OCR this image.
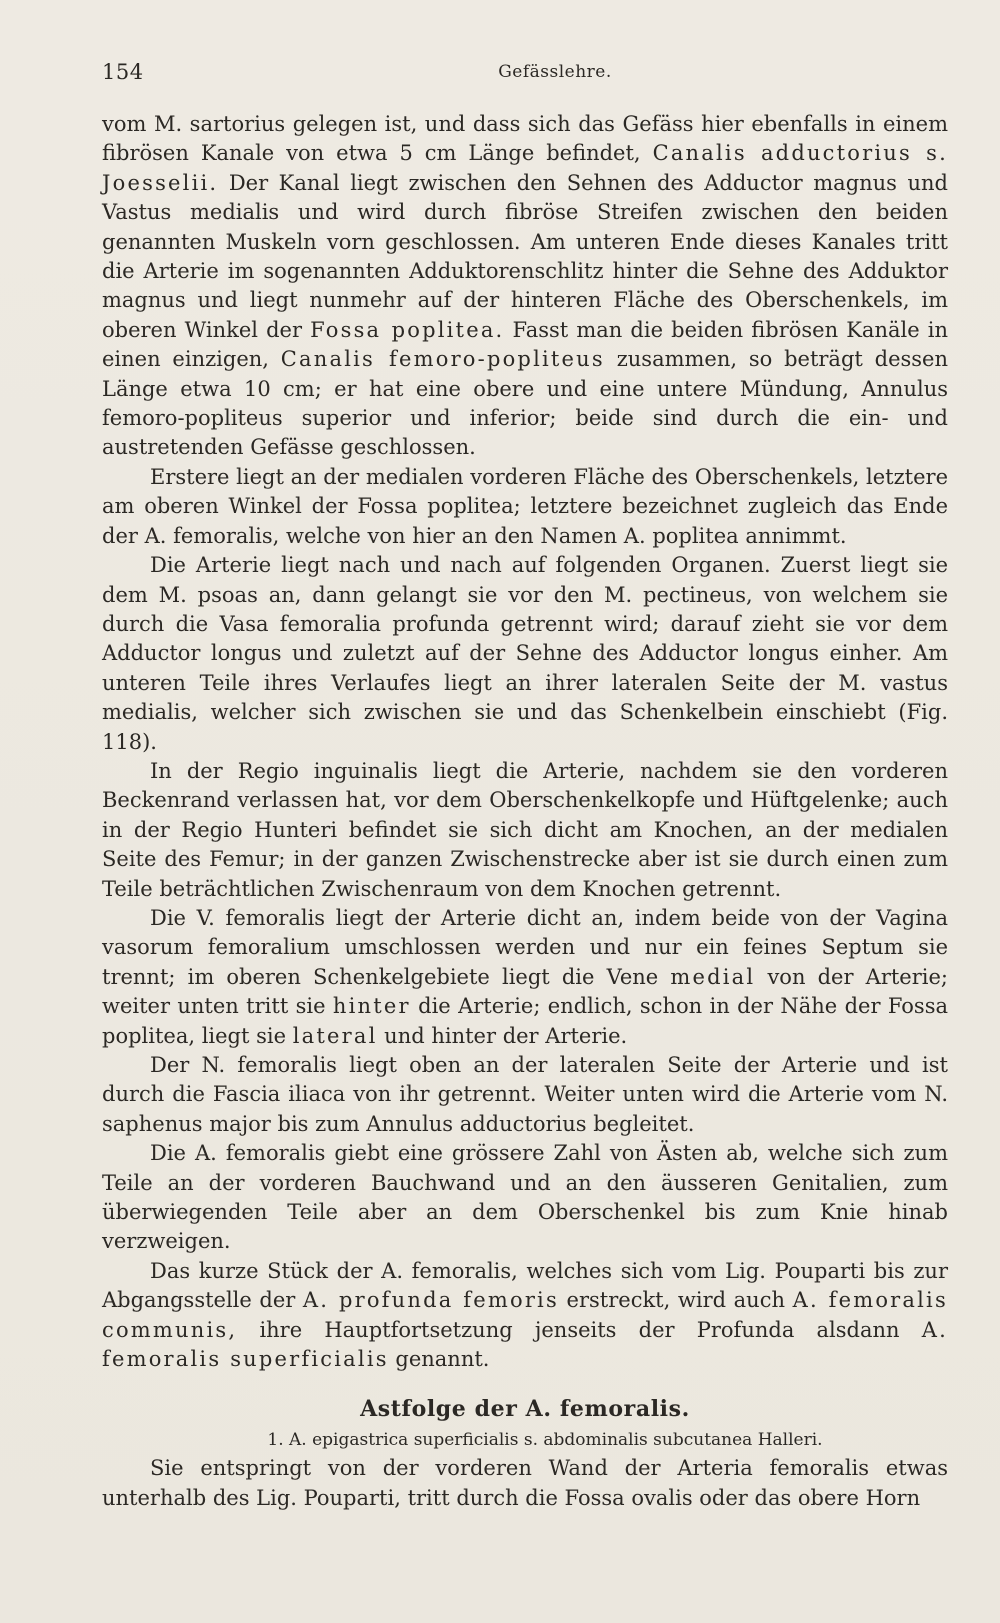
154	Gefässlehre.

vom M. sartorius gelegen ist, und dass sich das Gefäss hier ebenfalls in einem fibrösen Kanale von etwa 5 cm Länge befindet, Canalis adductorius s. Joesselii. Der Kanal liegt zwischen den Sehnen des Adductor magnus und Vastus medialis und wird durch fibröse Streifen zwischen den beiden genannten Muskeln vorn geschlossen. Am unteren Ende dieses Kanales tritt die Arterie im sogenannten Adduktorenschlitz hinter die Sehne des Adduktor magnus und liegt nunmehr auf der hinteren Fläche des Oberschenkels, im oberen Winkel der Fossa poplitea. Fasst man die beiden fibrösen Kanäle in einen einzigen, Canalis femoro-popliteus zusammen, so beträgt dessen Länge etwa 10 cm; er hat eine obere und eine untere Mündung, Annulus femoro-popliteus superior und inferior; beide sind durch die ein- und austretenden Gefässe geschlossen.

Erstere liegt an der medialen vorderen Fläche des Oberschenkels, letztere am oberen Winkel der Fossa poplitea; letztere bezeichnet zugleich das Ende der A. femoralis, welche von hier an den Namen A. poplitea annimmt.

Die Arterie liegt nach und nach auf folgenden Organen. Zuerst liegt sie dem M. psoas an, dann gelangt sie vor den M. pectineus, von welchem sie durch die Vasa femoralia profunda getrennt wird; darauf zieht sie vor dem Adductor longus und zuletzt auf der Sehne des Adductor longus einher. Am unteren Teile ihres Verlaufes liegt an ihrer lateralen Seite der M. vastus medialis, welcher sich zwischen sie und das Schenkelbein einschiebt (Fig. 118).

In der Regio inguinalis liegt die Arterie, nachdem sie den vorderen Beckenrand verlassen hat, vor dem Oberschenkelkopfe und Hüftgelenke; auch in der Regio Hunteri befindet sie sich dicht am Knochen, an der medialen Seite des Femur; in der ganzen Zwischenstrecke aber ist sie durch einen zum Teile beträchtlichen Zwischenraum von dem Knochen getrennt.

Die V. femoralis liegt der Arterie dicht an, indem beide von der Vagina vasorum femoralium umschlossen werden und nur ein feines Septum sie trennt; im oberen Schenkelgebiete liegt die Vene medial von der Arterie; weiter unten tritt sie hinter die Arterie; endlich, schon in der Nähe der Fossa poplitea, liegt sie lateral und hinter der Arterie.

Der N. femoralis liegt oben an der lateralen Seite der Arterie und ist durch die Fascia iliaca von ihr getrennt. Weiter unten wird die Arterie vom N. saphenus major bis zum Annulus adductorius begleitet.

Die A. femoralis giebt eine grössere Zahl von Ästen ab, welche sich zum Teile an der vorderen Bauchwand und an den äusseren Genitalien, zum überwiegenden Teile aber an dem Oberschenkel bis zum Knie hinab verzweigen.

Das kurze Stück der A. femoralis, welches sich vom Lig. Pouparti bis zur Abgangsstelle der A. profunda femoris erstreckt, wird auch A. femoralis communis, ihre Hauptfortsetzung jenseits der Profunda alsdann A. femoralis superficialis genannt.

Astfolge der A. femoralis.
1. A. epigastrica superficialis s. abdominalis subcutanea Halleri.

Sie entspringt von der vorderen Wand der Arteria femoralis etwas unterhalb des Lig. Pouparti, tritt durch die Fossa ovalis oder das obere Horn
